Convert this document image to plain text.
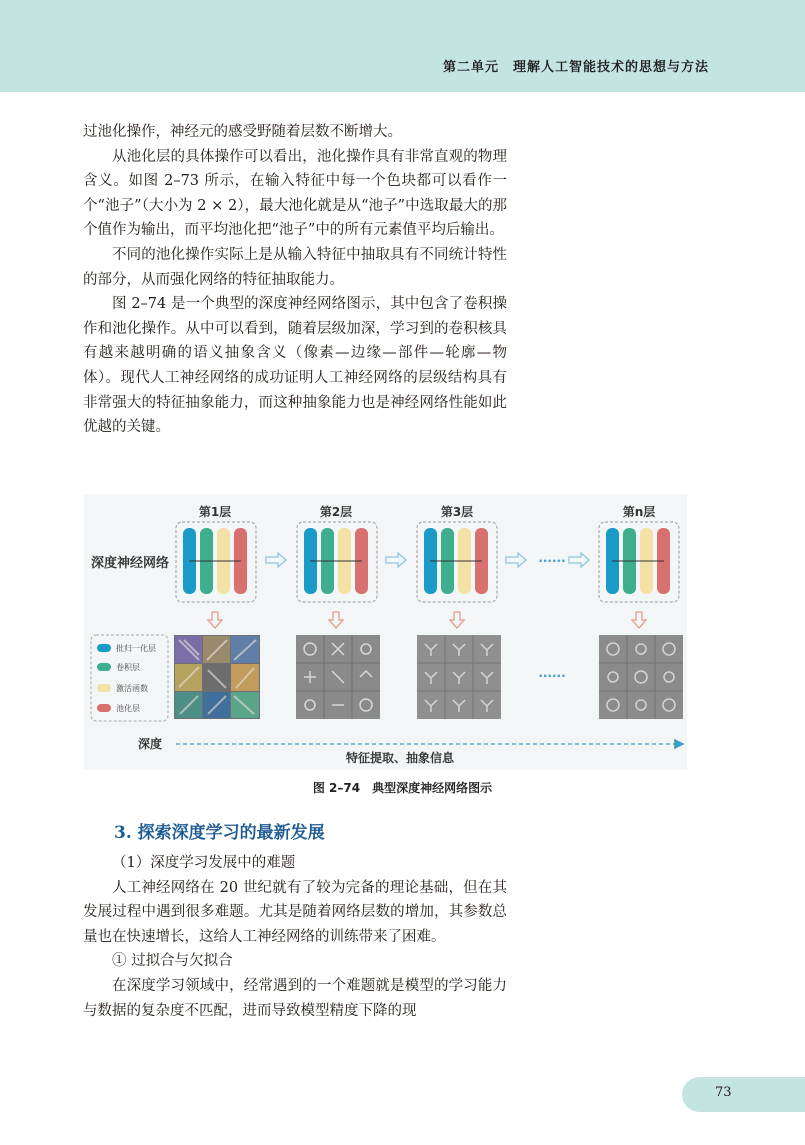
第二单元　理解人工智能技术的思想与方法

过池化操作，神经元的感受野随着层数不断增大。

从池化层的具体操作可以看出，池化操作具有非常直观的物理含义。如图 2–73 所示，在输入特征中每一个色块都可以看作一个“池子”（大小为 2 × 2），最大池化就是从“池子”中选取最大的那个值作为输出，而平均池化把“池子”中的所有元素值平均后输出。

不同的池化操作实际上是从输入特征中抽取具有不同统计特性的部分，从而强化网络的特征抽取能力。

图 2–74 是一个典型的深度神经网络图示，其中包含了卷积操作和池化操作。从中可以看到，随着层级加深，学习到的卷积核具有越来越明确的语义抽象含义（像素—边缘—部件—轮廓—物体）。现代人工神经网络的成功证明人工神经网络的层级结构具有非常强大的特征抽象能力，而这种抽象能力也是神经网络性能如此优越的关键。

深度神经网络
第1层	第2层	第3层	第n层
······
批归一化层
卷积层
激活函数
池化层
······
深度
特征提取、抽象信息
图 2–74　典型深度神经网络图示
3. 探索深度学习的最新发展

（1）深度学习发展中的难题

人工神经网络在 20 世纪就有了较为完备的理论基础，但在其发展过程中遇到很多难题。尤其是随着网络层数的增加，其参数总量也在快速增长，这给人工神经网络的训练带来了困难。

① 过拟合与欠拟合

在深度学习领域中，经常遇到的一个难题就是模型的学习能力与数据的复杂度不匹配，进而导致模型精度下降的现

73
